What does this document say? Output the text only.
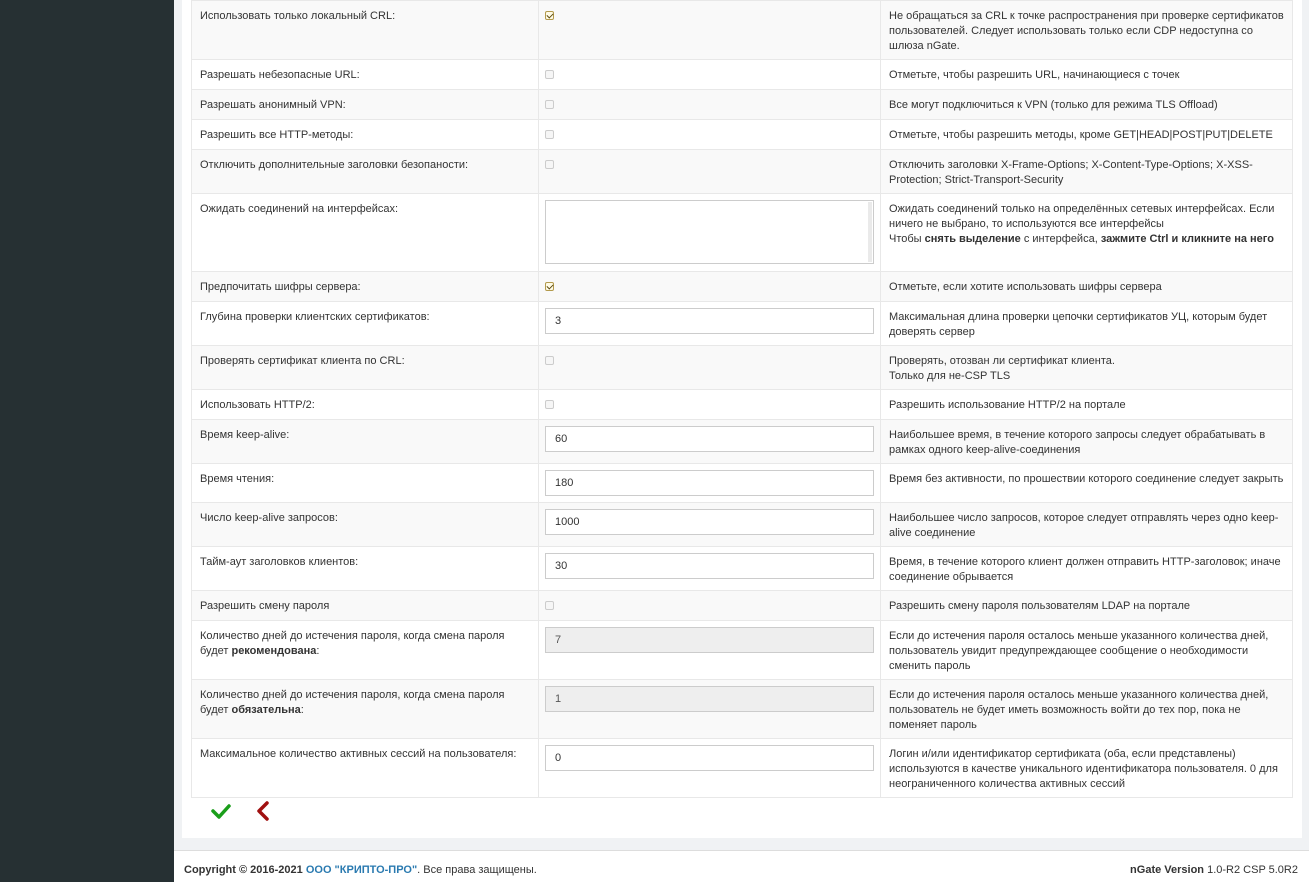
Использовать только локальный CRL:		Не обращаться за CRL к точке распространения при проверке сертификатов пользователей. Следует использовать только если CDP недоступна со шлюза nGate.

Разрешать небезопасные URL:		Отметьте, чтобы разрешить URL, начинающиеся с точек

Разрешать анонимный VPN:		Все могут подключиться к VPN (только для режима TLS Offload)

Разрешить все HTTP-методы:		Отметьте, чтобы разрешить методы, кроме GET|HEAD|POST|PUT|DELETE

Отключить дополнительные заголовки безопаности:		Отключить заголовки X-Frame-Options; X-Content-Type-Options; X-XSS-Protection; Strict-Transport-Security

Ожидать соединений на интерфейсах:		Ожидать соединений только на определённых сетевых интерфейсах. Если ничего не выбрано, то используются все интерфейсы
Чтобы снять выделение с интерфейса, зажмите Ctrl и кликните на него

Предпочитать шифры сервера:		Отметьте, если хотите использовать шифры сервера

Глубина проверки клиентских сертификатов:	3	Максимальная длина проверки цепочки сертификатов УЦ, которым будет доверять сервер

Проверять сертификат клиента по CRL:		Проверять, отозван ли сертификат клиента.
Только для не-CSP TLS

Использовать HTTP/2:		Разрешить использование HTTP/2 на портале

Время keep-alive:	60	Наибольшее время, в течение которого запросы следует обрабатывать в рамках одного keep-alive-соединения

Время чтения:	180	Время без активности, по прошествии которого соединение следует закрыть

Число keep-alive запросов:	1000	Наибольшее число запросов, которое следует отправлять через одно keep-alive соединение

Тайм-аут заголовков клиентов:	30	Время, в течение которого клиент должен отправить HTTP-заголовок; иначе соединение обрывается

Разрешить смену пароля		Разрешить смену пароля пользователям LDAP на портале

Количество дней до истечения пароля, когда смена пароля будет рекомендована:	7	Если до истечения пароля осталось меньше указанного количества дней, пользователь увидит предупреждающее сообщение о необходимости сменить пароль

Количество дней до истечения пароля, когда смена пароля будет обязательна:	1	Если до истечения пароля осталось меньше указанного количества дней, пользователь не будет иметь возможность войти до тех пор, пока не поменяет пароль

Максимальное количество активных сессий на пользователя:	0	Логин и/или идентификатор сертификата (оба, если представлены) используются в качестве уникального идентификатора пользователя. 0 для неограниченного количества активных сессий
Copyright © 2016-2021 ООО "КРИПТО-ПРО". Все права защищены.	nGate Version 1.0-R2 CSP 5.0R2
